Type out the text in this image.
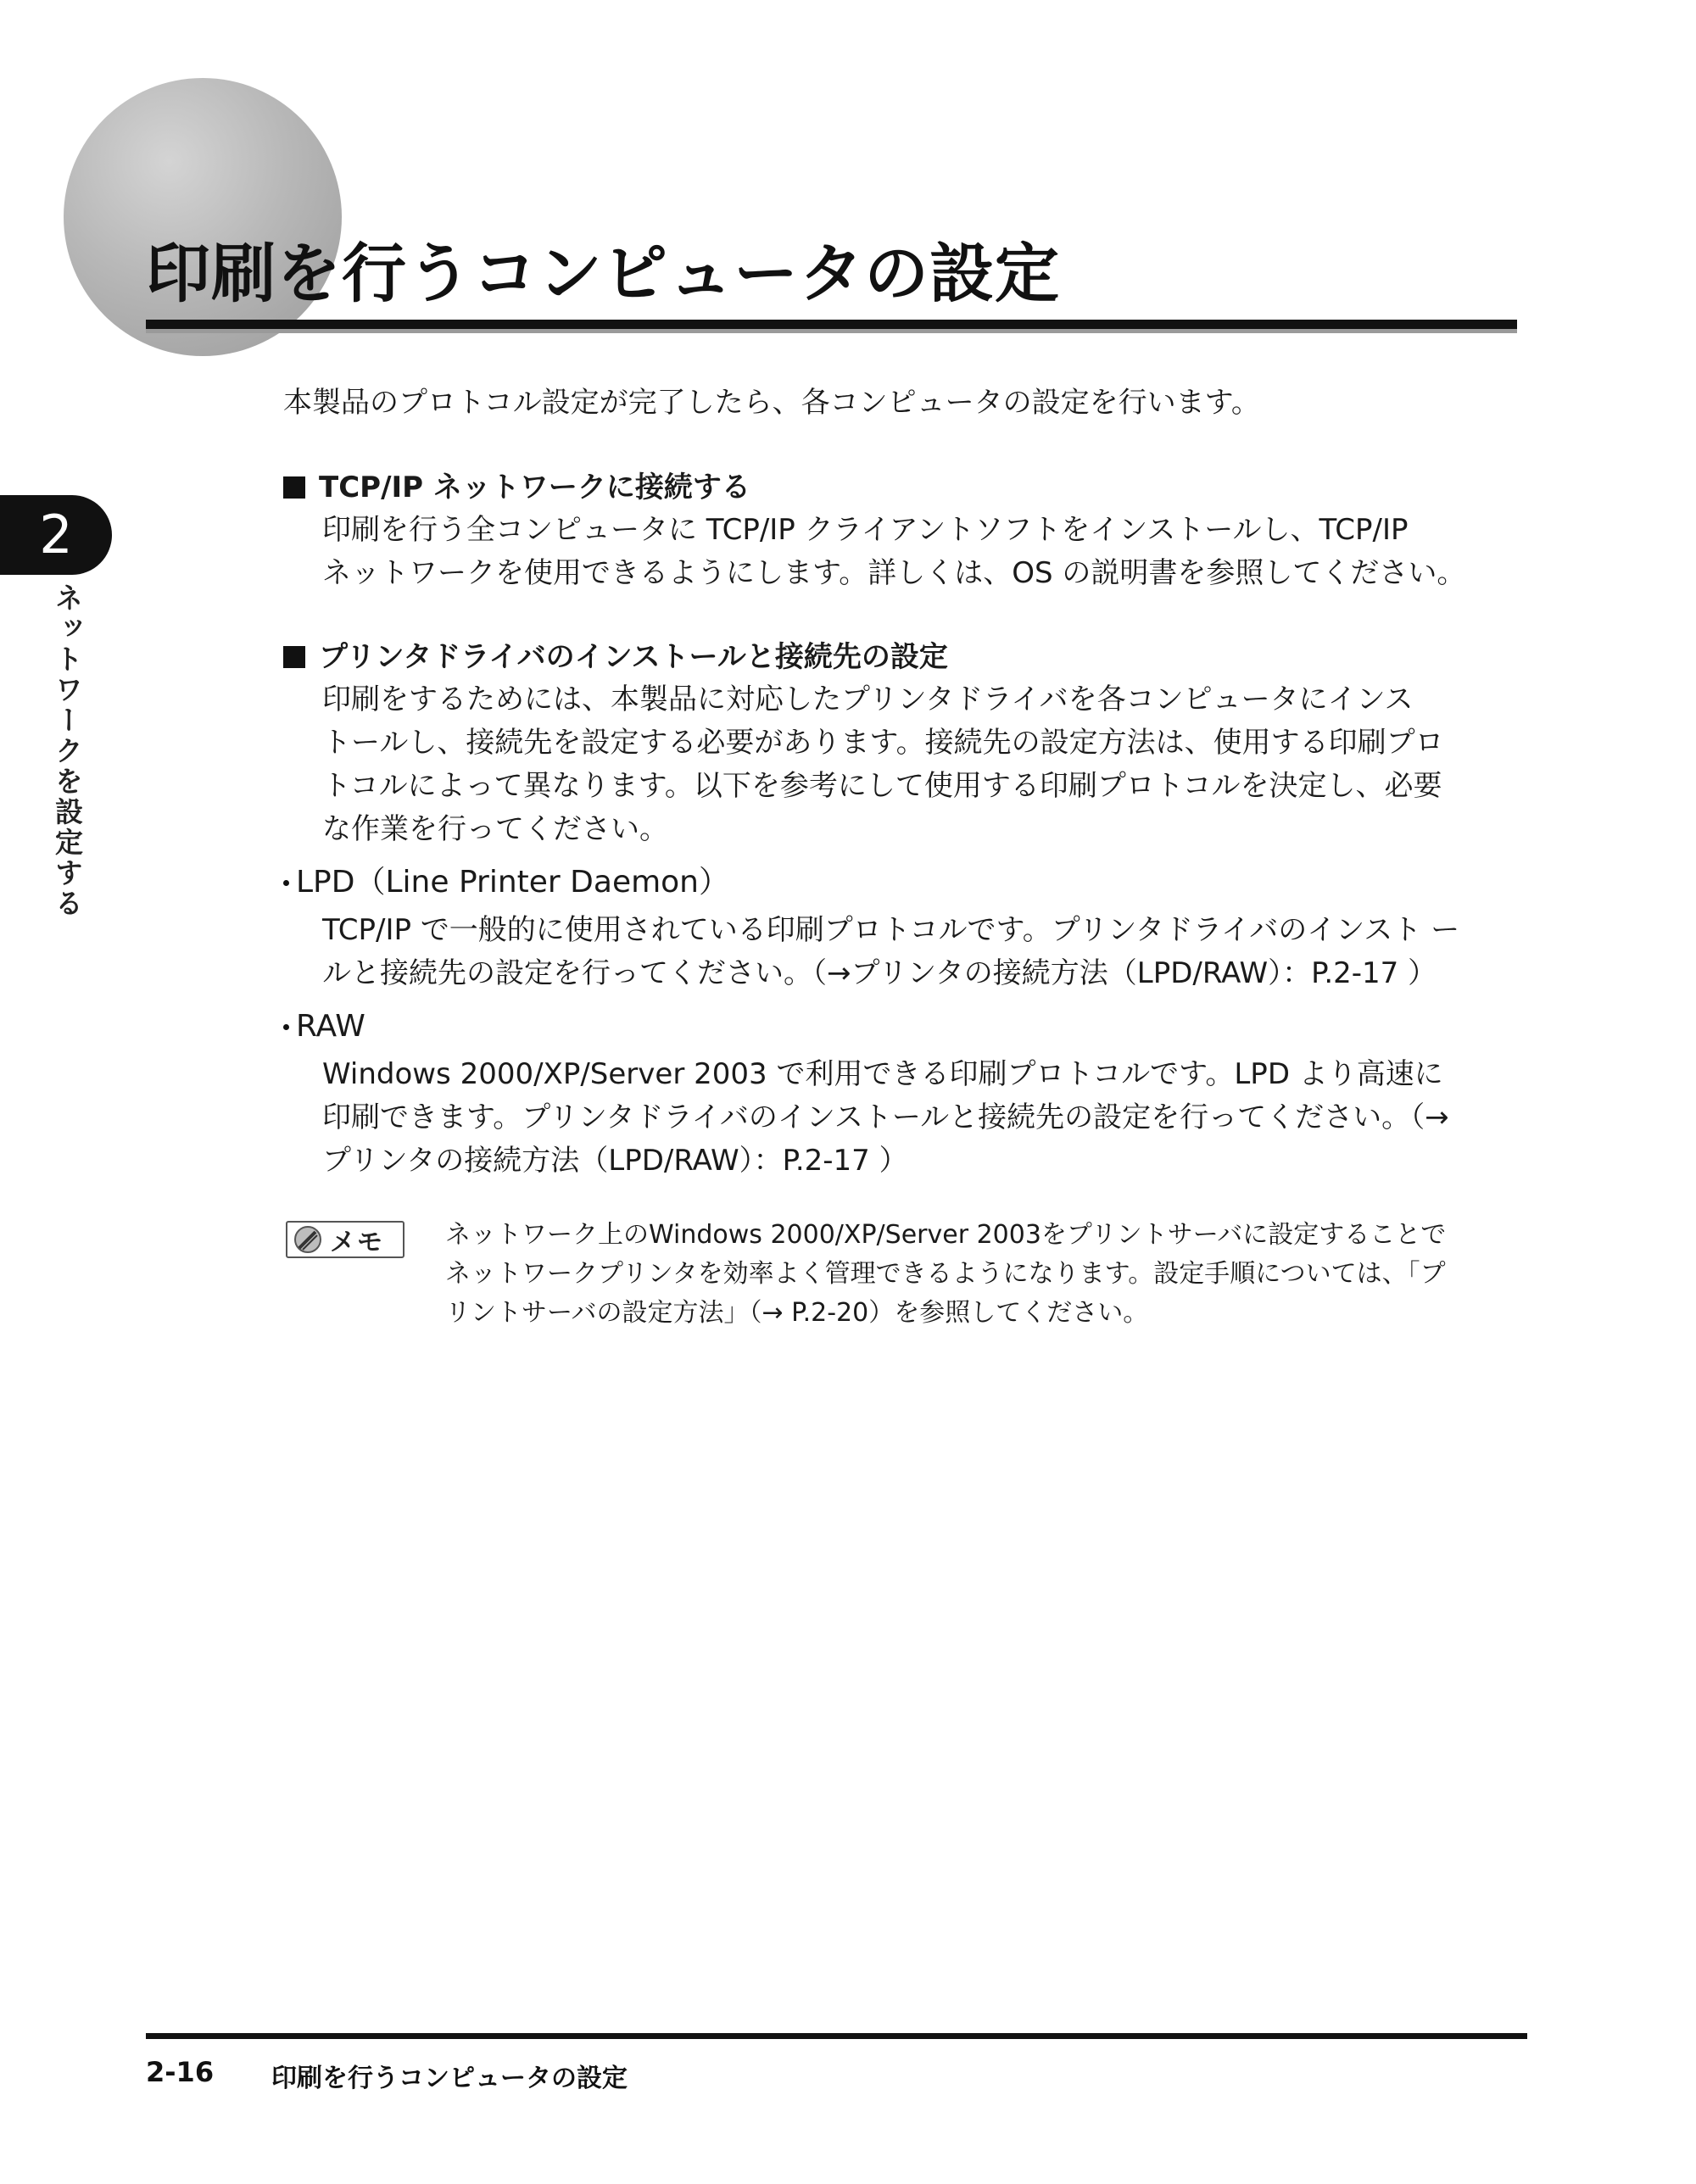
印刷を行うコンピュータの設定
2
ネットワークを設定する

本製品のプロトコル設定が完了したら、各コンピュータの設定を行います。

TCP/IP ネットワークに接続する

印刷を行う全コンピュータに TCP/IP クライアントソフトをインストールし、TCP/IP

ネットワークを使用できるようにします。詳しくは、OS の説明書を参照してください。

プリンタドライバのインストールと接続先の設定

印刷をするためには、本製品に対応したプリンタドライバを各コンピュータにインス

トールし、接続先を設定する必要があります。接続先の設定方法は、使用する印刷プロ

トコルによって異なります。以下を参考にして使用する印刷プロトコルを決定し、必要

な作業を行ってください。

LPD（Line Printer Daemon）

TCP/IP で一般的に使用されている印刷プロトコルです。プリンタドライバのインスト ー

ルと接続先の設定を行ってください。（→プリンタの接続方法（LPD/RAW）：P.2-17 ）

RAW

Windows 2000/XP/Server 2003 で利用できる印刷プロトコルです。LPD より高速に

印刷できます。プリンタドライバのインストールと接続先の設定を行ってください。（→

プリンタの接続方法（LPD/RAW）：P.2-17 ）

メモ ネットワーク上のWindows 2000/XP/Server 2003をプリントサーバに設定することで
ネットワークプリンタを効率よく管理できるようになります。設定手順については、「プ
リントサーバの設定方法」（→ P.2-20）を参照してください。
2-16 印刷を行うコンピュータの設定
